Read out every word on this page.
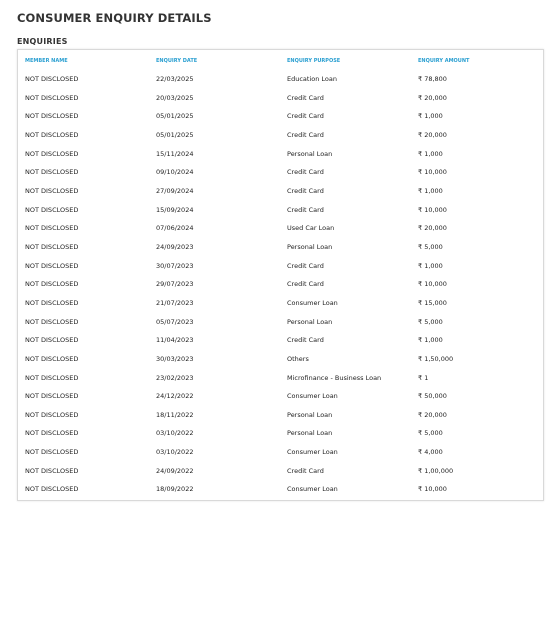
CONSUMER ENQUIRY DETAILS
ENQUIRIES
MEMBER NAME	ENQUIRY DATE	ENQUIRY PURPOSE	ENQUIRY AMOUNT
NOT DISCLOSED	22/03/2025	Education Loan	₹ 78,800
NOT DISCLOSED	20/03/2025	Credit Card	₹ 20,000
NOT DISCLOSED	05/01/2025	Credit Card	₹ 1,000
NOT DISCLOSED	05/01/2025	Credit Card	₹ 20,000
NOT DISCLOSED	15/11/2024	Personal Loan	₹ 1,000
NOT DISCLOSED	09/10/2024	Credit Card	₹ 10,000
NOT DISCLOSED	27/09/2024	Credit Card	₹ 1,000
NOT DISCLOSED	15/09/2024	Credit Card	₹ 10,000
NOT DISCLOSED	07/06/2024	Used Car Loan	₹ 20,000
NOT DISCLOSED	24/09/2023	Personal Loan	₹ 5,000
NOT DISCLOSED	30/07/2023	Credit Card	₹ 1,000
NOT DISCLOSED	29/07/2023	Credit Card	₹ 10,000
NOT DISCLOSED	21/07/2023	Consumer Loan	₹ 15,000
NOT DISCLOSED	05/07/2023	Personal Loan	₹ 5,000
NOT DISCLOSED	11/04/2023	Credit Card	₹ 1,000
NOT DISCLOSED	30/03/2023	Others	₹ 1,50,000
NOT DISCLOSED	23/02/2023	Microfinance - Business Loan	₹ 1
NOT DISCLOSED	24/12/2022	Consumer Loan	₹ 50,000
NOT DISCLOSED	18/11/2022	Personal Loan	₹ 20,000
NOT DISCLOSED	03/10/2022	Personal Loan	₹ 5,000
NOT DISCLOSED	03/10/2022	Consumer Loan	₹ 4,000
NOT DISCLOSED	24/09/2022	Credit Card	₹ 1,00,000
NOT DISCLOSED	18/09/2022	Consumer Loan	₹ 10,000
